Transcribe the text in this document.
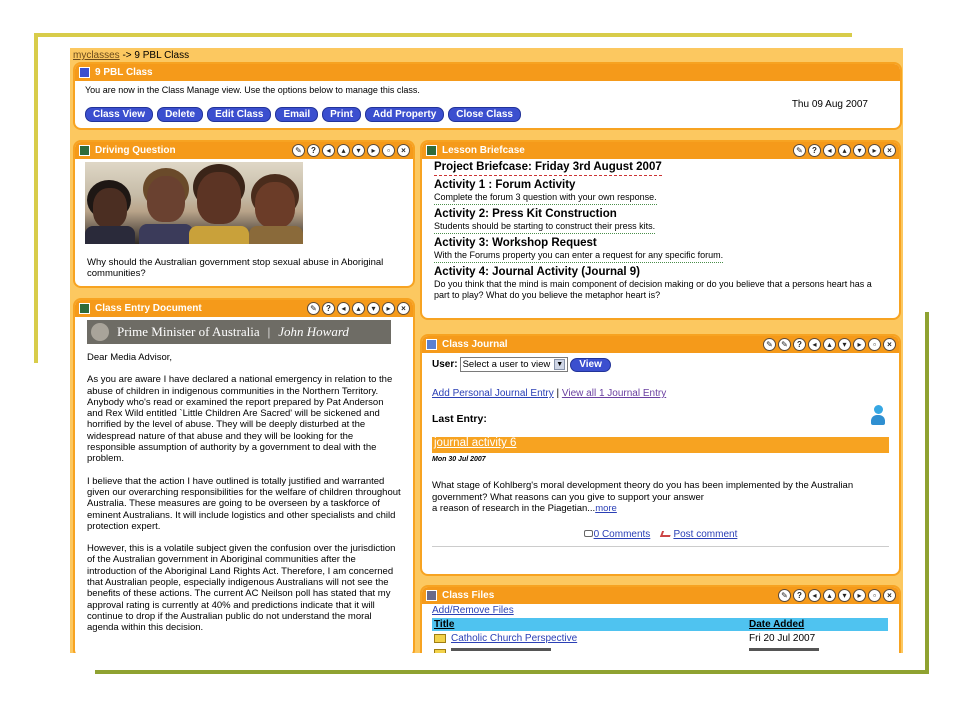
myclasses -> 9 PBL Class
9 PBL Class
You are now in the Class Manage view. Use the options below to manage this class.
Thu 09 Aug 2007
Class View	Delete	Edit Class	Email	Print	Add Property	Close Class
Driving Question	✎	?	◂	▴	▾	▸	▫	×
Why should the Australian government stop sexual abuse in Aboriginal communities?
Class Entry Document	✎	?	◂	▴	▾	▸	×
Prime Minister of Australia | John Howard

Dear Media Advisor,

As you are aware I have declared a national emergency in relation to the abuse of children in indigenous communities in the Northern Territory. Anybody who's read or examined the report prepared by Pat Anderson and Rex Wild entitled `Little Children Are Sacred' will be sickened and horrified by the level of abuse. They will be deeply disturbed at the widespread nature of that abuse and they will be looking for the responsible assumption of authority by a government to deal with the problem.

I believe that the action I have outlined is totally justified and warranted given our overarching responsibilities for the welfare of children throughout Australia. These measures are going to be overseen by a taskforce of eminent Australians. It will include logistics and other specialists and child protection expert.

However, this is a volatile subject given the confusion over the jurisdiction of the Australian government in Aboriginal communities after the introduction of the Aboriginal Land Rights Act. Therefore, I am concerned that Australian people, especially indigenous Australians will not see the benefits of these actions. The current AC Neilson poll has stated that my approval rating is currently at 40% and predictions indicate that it will continue to drop if the Australian public do not understand the moral agenda within this decision.

Lesson Briefcase	✎	?	◂	▴	▾	▸	×
Project Briefcase: Friday 3rd August 2007
Activity 1 : Forum Activity
Complete the forum 3 question with your own response.
Activity 2: Press Kit Construction
Students should be starting to construct their press kits.
Activity 3: Workshop Request
With the Forums property you can enter a request for any specific forum.
Activity 4: Journal Activity (Journal 9)
Do you think that the mind is main component of decision making or do you believe that a persons heart has a part to play? What do you believe the metaphor heart is?
Class Journal	✎	✎	?	◂	▴	▾	▸	▫	×
User: Select a user to view ▼	View
Add Personal Journal Entry | View all 1 Journal Entry
Last Entry:
journal activity 6
Mon 30 Jul 2007
What stage of Kohlberg's moral development theory do you has been implemented by the Australian government? What reasons can you give to support your answer
a reason of research in the Piagetian...more
0 Comments Post comment
Class Files	✎	?	◂	▴	▾	▸	▫	×
Add/Remove Files
Title	Date Added
Catholic Church Perspective	Fri 20 Jul 2007
